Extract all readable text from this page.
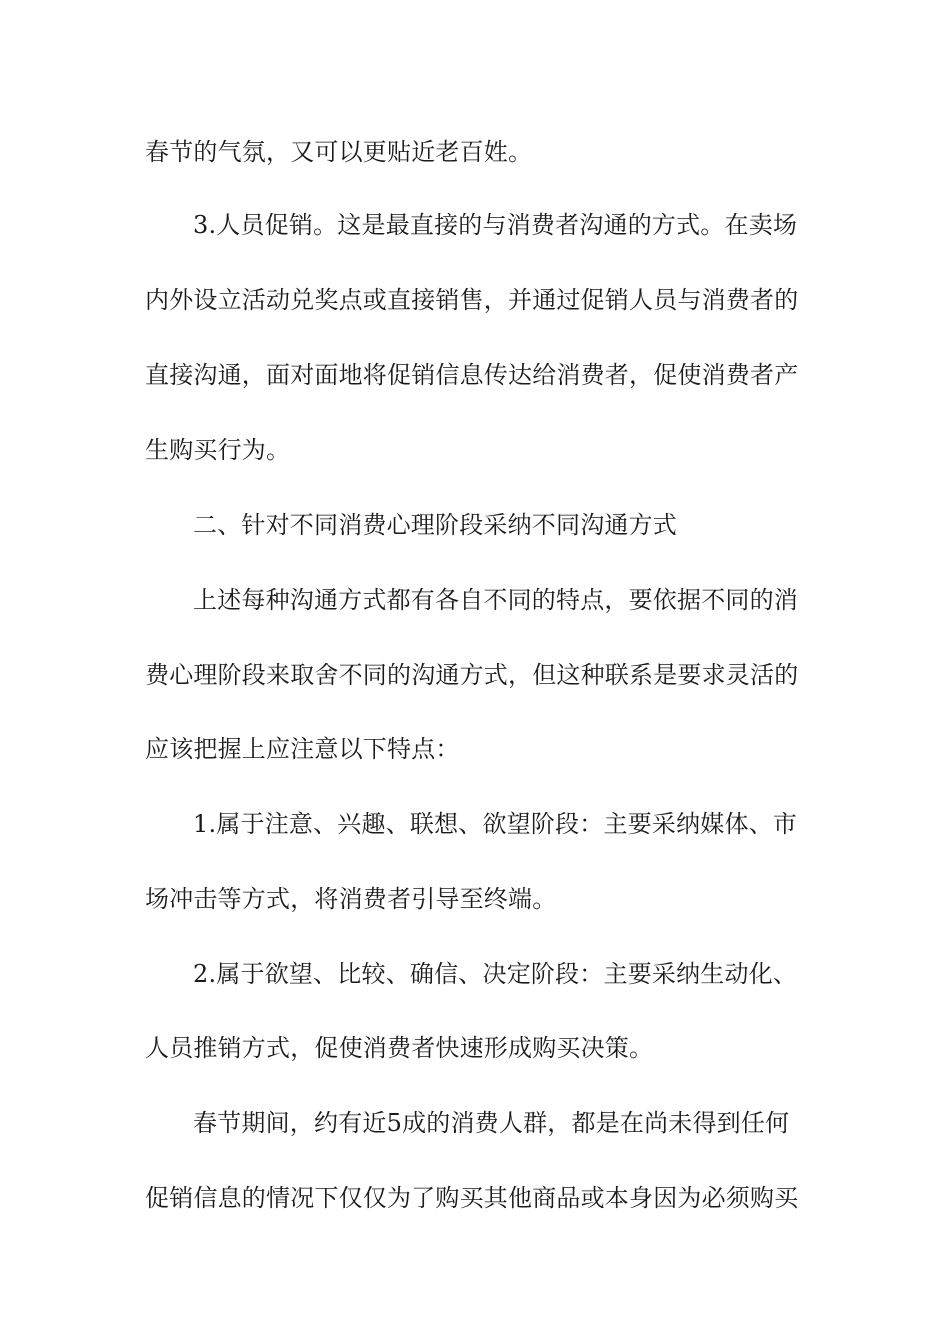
春节的气氛，又可以更贴近老百姓。
3.人员促销。这是最直接的与消费者沟通的方式。在卖场
内外设立活动兑奖点或直接销售，并通过促销人员与消费者的
直接沟通，面对面地将促销信息传达给消费者，促使消费者产
生购买行为。
二、针对不同消费心理阶段采纳不同沟通方式
上述每种沟通方式都有各自不同的特点，要依据不同的消
费心理阶段来取舍不同的沟通方式，但这种联系是要求灵活的
应该把握上应注意以下特点：
1.属于注意、兴趣、联想、欲望阶段：主要采纳媒体、市
场冲击等方式，将消费者引导至终端。
2.属于欲望、比较、确信、决定阶段：主要采纳生动化、
人员推销方式，促使消费者快速形成购买决策。
春节期间，约有近5成的消费人群，都是在尚未得到任何
促销信息的情况下仅仅为了购买其他商品或本身因为必须购买
